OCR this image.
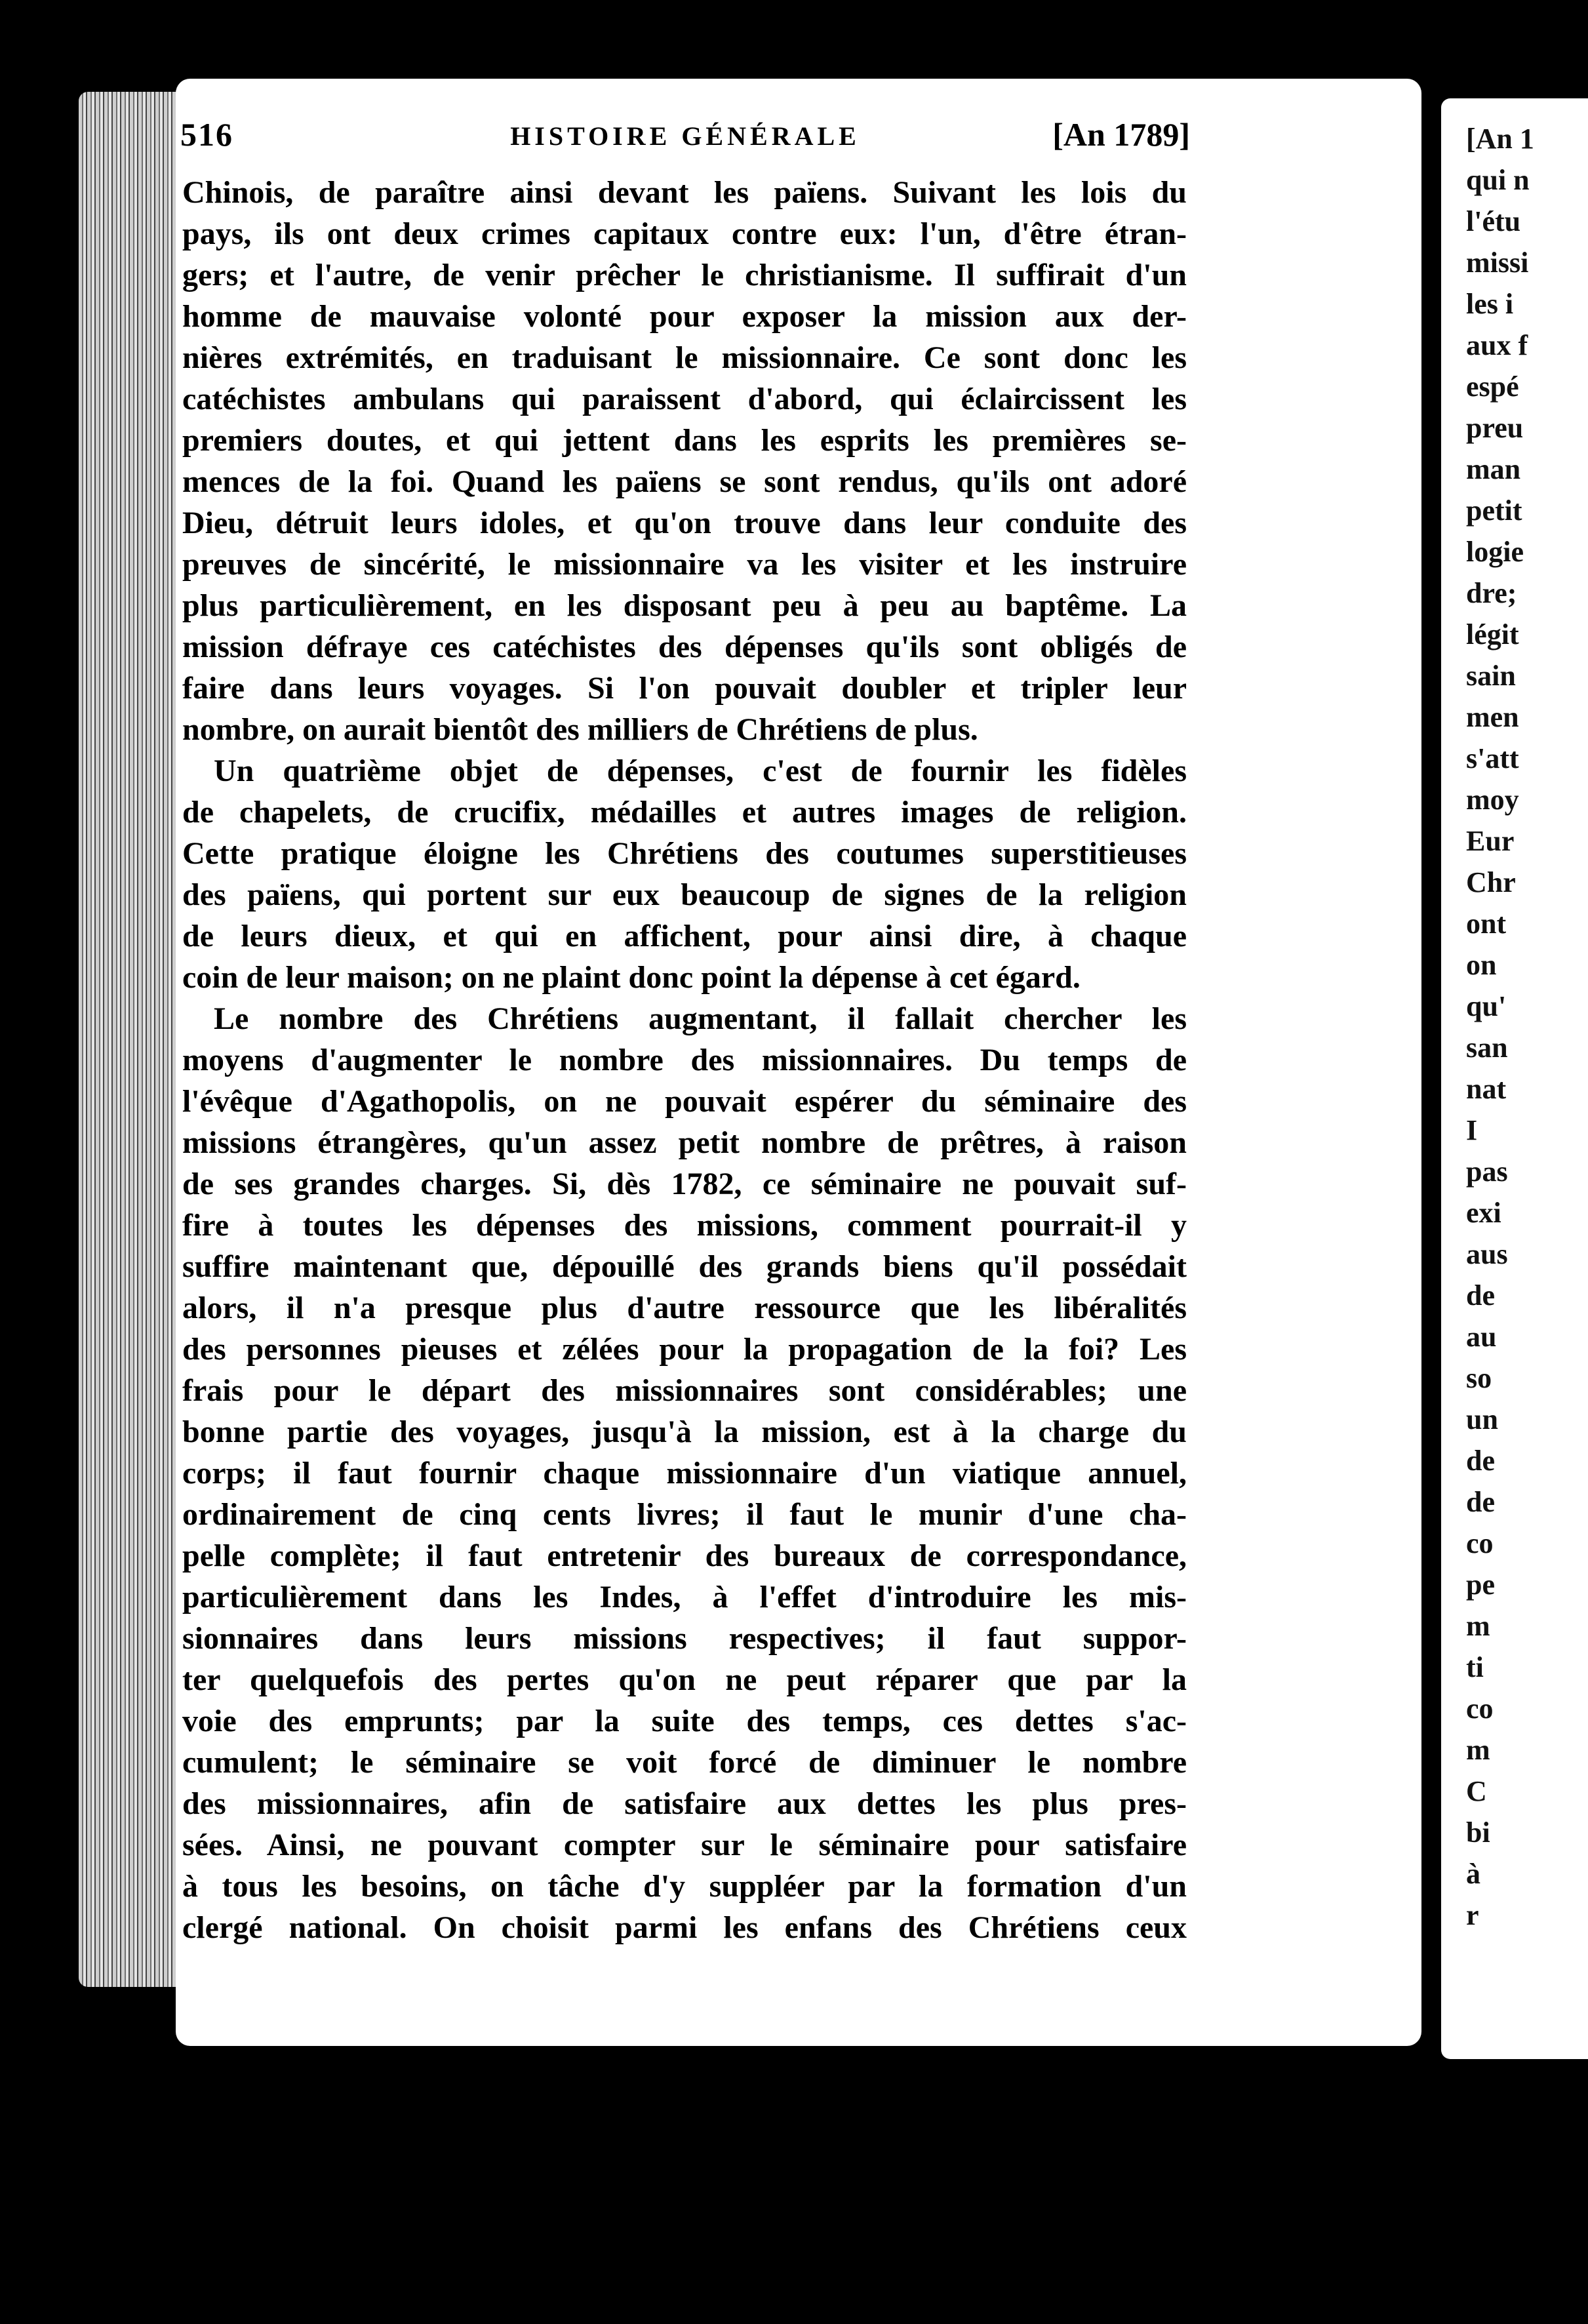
516	HISTOIRE GÉNÉRALE	[An 1789]
Chinois, de paraître ainsi devant les païens. Suivant les lois du
pays, ils ont deux crimes capitaux contre eux: l'un, d'être étran-
gers; et l'autre, de venir prêcher le christianisme. Il suffirait d'un
homme de mauvaise volonté pour exposer la mission aux der-
nières extrémités, en traduisant le missionnaire. Ce sont donc les
catéchistes ambulans qui paraissent d'abord, qui éclaircissent les
premiers doutes, et qui jettent dans les esprits les premières se-
mences de la foi. Quand les païens se sont rendus, qu'ils ont adoré
Dieu, détruit leurs idoles, et qu'on trouve dans leur conduite des
preuves de sincérité, le missionnaire va les visiter et les instruire
plus particulièrement, en les disposant peu à peu au baptême. La
mission défraye ces catéchistes des dépenses qu'ils sont obligés de
faire dans leurs voyages. Si l'on pouvait doubler et tripler leur
nombre, on aurait bientôt des milliers de Chrétiens de plus.
Un quatrième objet de dépenses, c'est de fournir les fidèles
de chapelets, de crucifix, médailles et autres images de religion.
Cette pratique éloigne les Chrétiens des coutumes superstitieuses
des païens, qui portent sur eux beaucoup de signes de la religion
de leurs dieux, et qui en affichent, pour ainsi dire, à chaque
coin de leur maison; on ne plaint donc point la dépense à cet égard.
Le nombre des Chrétiens augmentant, il fallait chercher les
moyens d'augmenter le nombre des missionnaires. Du temps de
l'évêque d'Agathopolis, on ne pouvait espérer du séminaire des
missions étrangères, qu'un assez petit nombre de prêtres, à raison
de ses grandes charges. Si, dès 1782, ce séminaire ne pouvait suf-
fire à toutes les dépenses des missions, comment pourrait-il y
suffire maintenant que, dépouillé des grands biens qu'il possédait
alors, il n'a presque plus d'autre ressource que les libéralités
des personnes pieuses et zélées pour la propagation de la foi? Les
frais pour le départ des missionnaires sont considérables; une
bonne partie des voyages, jusqu'à la mission, est à la charge du
corps; il faut fournir chaque missionnaire d'un viatique annuel,
ordinairement de cinq cents livres; il faut le munir d'une cha-
pelle complète; il faut entretenir des bureaux de correspondance,
particulièrement dans les Indes, à l'effet d'introduire les mis-
sionnaires dans leurs missions respectives; il faut suppor-
ter quelquefois des pertes qu'on ne peut réparer que par la
voie des emprunts; par la suite des temps, ces dettes s'ac-
cumulent; le séminaire se voit forcé de diminuer le nombre
des missionnaires, afin de satisfaire aux dettes les plus pres-
sées. Ainsi, ne pouvant compter sur le séminaire pour satisfaire
à tous les besoins, on tâche d'y suppléer par la formation d'un
clergé national. On choisit parmi les enfans des Chrétiens ceux
[An 1
qui n
l'étu
missi
les i
aux f
espé
preu
man
petit
logie
dre;
légit
sain
men
s'att
moy
Eur
Chr
ont
on
qu'
san
nat
I
pas
exi
aus
de
au
so
un
de
de
co
pe
m
ti
co
m
C
bi
à
r
